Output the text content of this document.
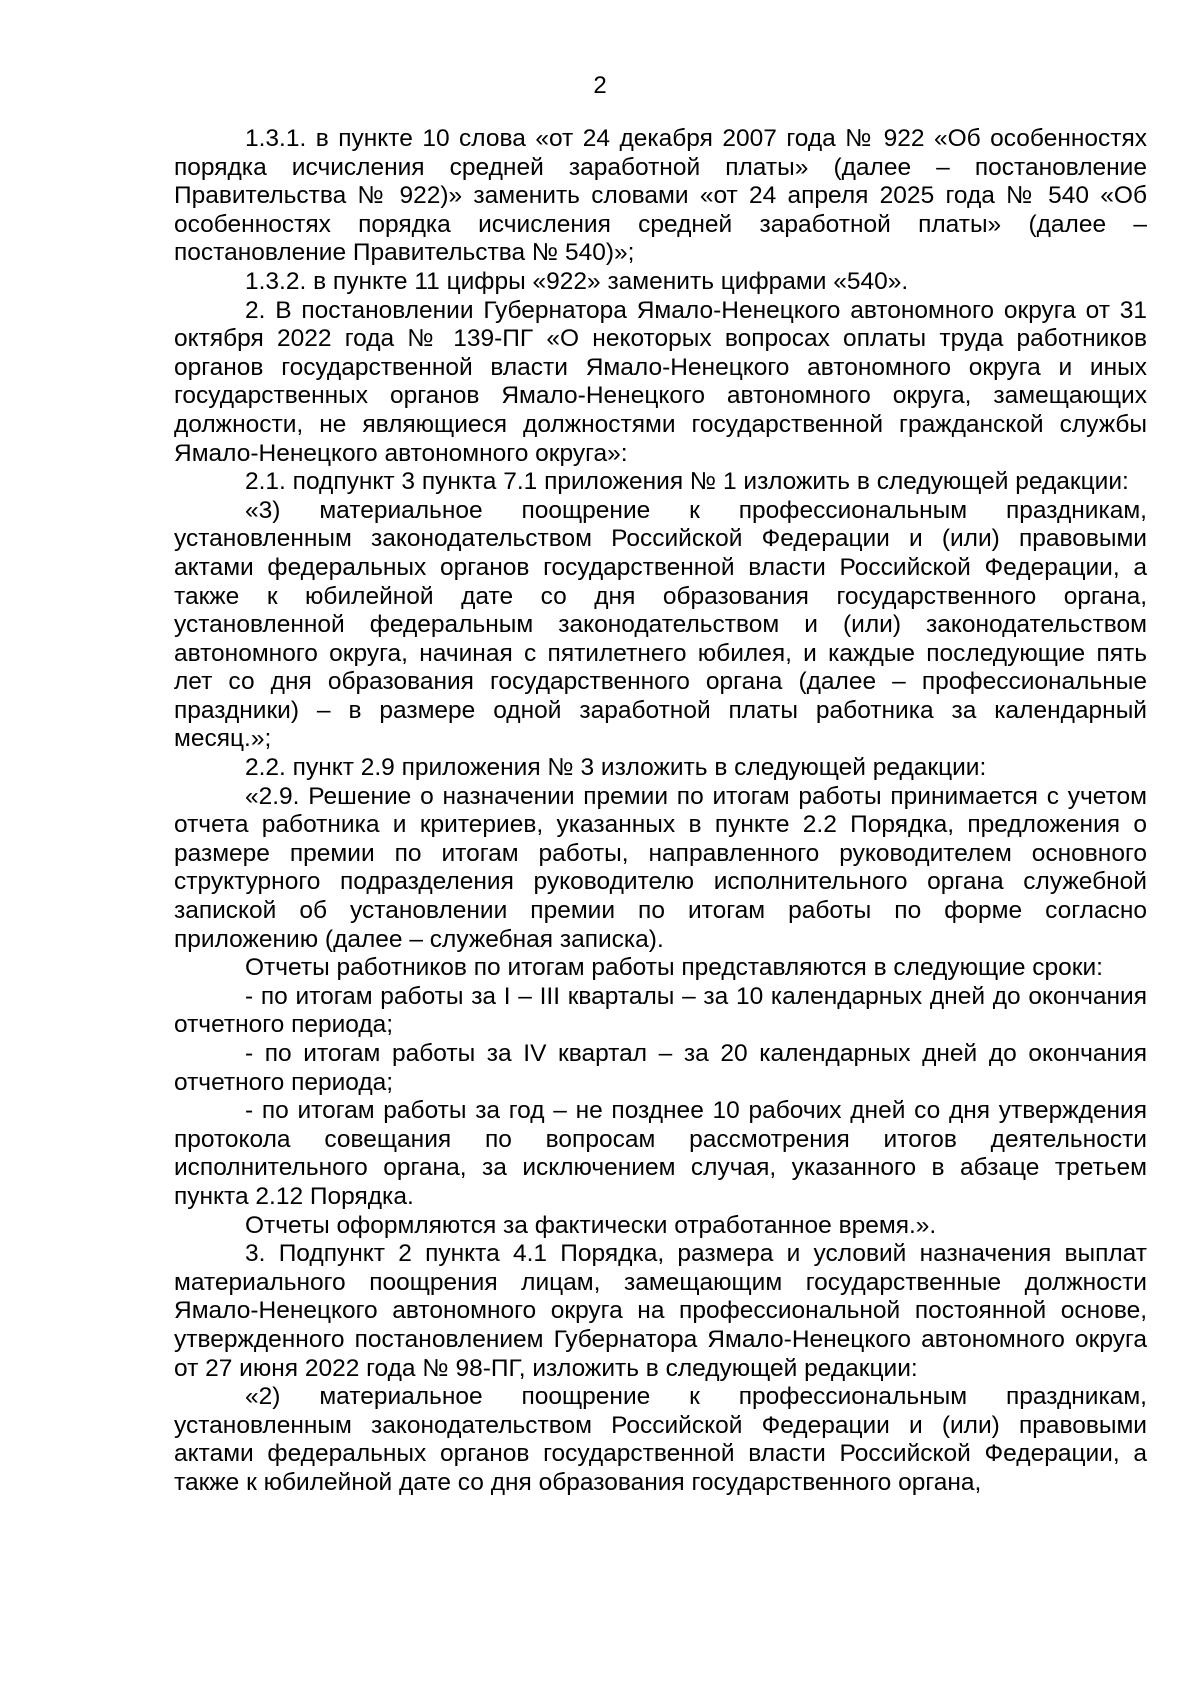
2

1.3.1. в пункте 10 слова «от 24 декабря 2007 года № 922 «Об особенностях порядка исчисления средней заработной платы» (далее – постановление Правительства № 922)» заменить словами «от 24 апреля 2025 года № 540 «Об особенностях порядка исчисления средней заработной платы» (далее – постановление Правительства № 540)»;

1.3.2. в пункте 11 цифры «922» заменить цифрами «540».

2. В постановлении Губернатора Ямало-Ненецкого автономного округа от 31 октября 2022 года № 139-ПГ «О некоторых вопросах оплаты труда работников органов государственной власти Ямало-Ненецкого автономного округа и иных государственных органов Ямало-Ненецкого автономного округа, замещающих должности, не являющиеся должностями государственной гражданской службы Ямало-Ненецкого автономного округа»:

2.1. подпункт 3 пункта 7.1 приложения № 1 изложить в следующей редакции:

«3) материальное поощрение к профессиональным праздникам, установленным законодательством Российской Федерации и (или) правовыми актами федеральных органов государственной власти Российской Федерации, а также к юбилейной дате со дня образования государственного органа, установленной федеральным законодательством и (или) законодательством автономного округа, начиная с пятилетнего юбилея, и каждые последующие пять лет со дня образования государственного органа (далее – профессиональные праздники) – в размере одной заработной платы работника за календарный месяц.»;

2.2. пункт 2.9 приложения № 3 изложить в следующей редакции:

«2.9. Решение о назначении премии по итогам работы принимается с учетом отчета работника и критериев, указанных в пункте 2.2 Порядка, предложения о размере премии по итогам работы, направленного руководителем основного структурного подразделения руководителю исполнительного органа служебной запиской об установлении премии по итогам работы по форме согласно приложению (далее – служебная записка).

Отчеты работников по итогам работы представляются в следующие сроки:

- по итогам работы за I – III кварталы – за 10 календарных дней до окончания отчетного периода;

- по итогам работы за IV квартал – за 20 календарных дней до окончания отчетного периода;

- по итогам работы за год – не позднее 10 рабочих дней со дня утверждения протокола совещания по вопросам рассмотрения итогов деятельности исполнительного органа, за исключением случая, указанного в абзаце третьем пункта 2.12 Порядка.

Отчеты оформляются за фактически отработанное время.».

3. Подпункт 2 пункта 4.1 Порядка, размера и условий назначения выплат материального поощрения лицам, замещающим государственные должности Ямало-Ненецкого автономного округа на профессиональной постоянной основе, утвержденного постановлением Губернатора Ямало-Ненецкого автономного округа от 27 июня 2022 года № 98-ПГ, изложить в следующей редакции:

«2) материальное поощрение к профессиональным праздникам, установленным законодательством Российской Федерации и (или) правовыми актами федеральных органов государственной власти Российской Федерации, а также к юбилейной дате со дня образования государственного органа,
